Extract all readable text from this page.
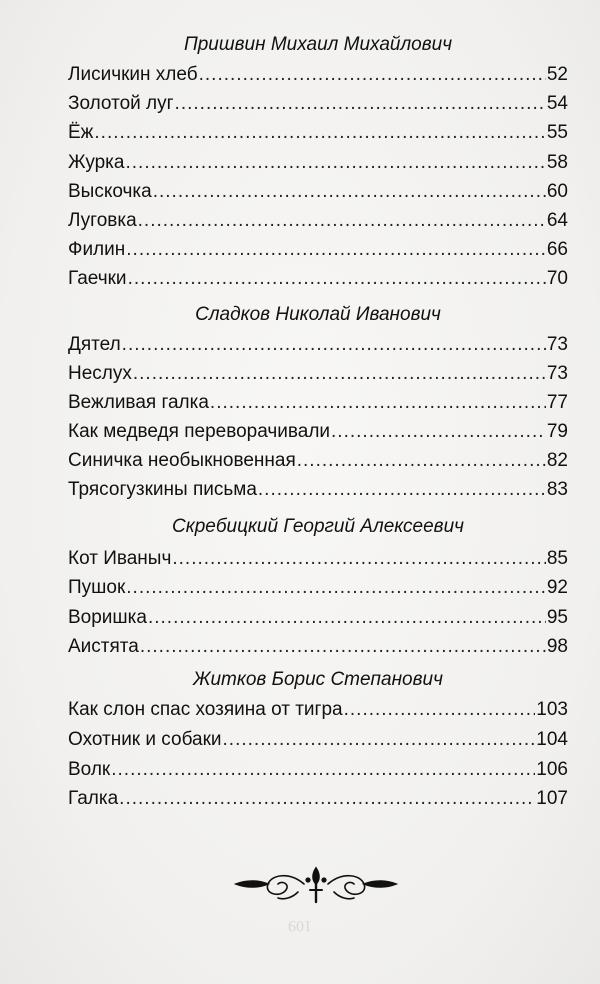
Пришвин Михаил Михайлович
Лисичкин хлеб .....	52
Золотой луг .....	54
Ёж .....	55
Журка .....	58
Выскочка .....	60
Луговка .....	64
Филин .....	66
Гаечки .....	70
Сладков Николай Иванович
Дятел .....	73
Неслух .....	73
Вежливая галка .....	77
Как медведя переворачивали .....	79
Синичка необыкновенная .....	82
Трясогузкины письма .....	83
Скребицкий Георгий Алексеевич
Кот Иваныч .....	85
Пушок .....	92
Воришка .....	95
Аистята .....	98
Житков Борис Степанович
Как слон спас хозяина от тигра .....	103
Охотник и собаки .....	104
Волк .....	106
Галка .....	107
109
